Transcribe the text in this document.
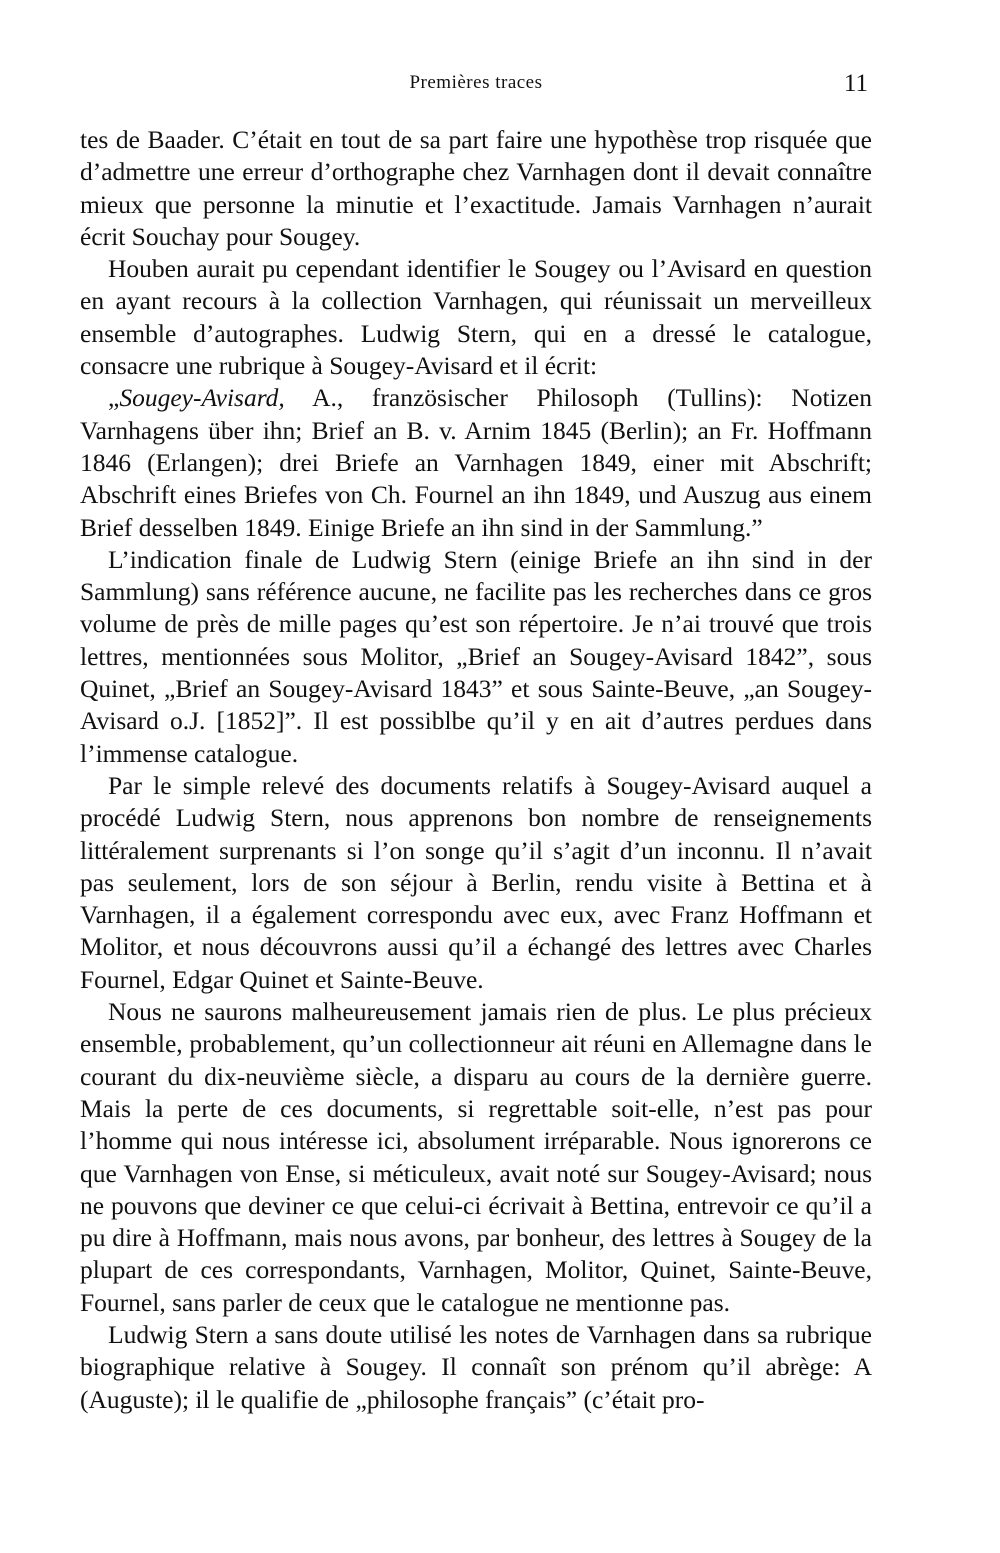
Premières traces	11

tes de Baader. C’était en tout de sa part faire une hypothèse trop risquée que d’admettre une erreur d’orthographe chez Varnhagen dont il devait connaître mieux que personne la minutie et l’exactitude. Jamais Varnhagen n’aurait écrit Souchay pour Sougey.

Houben aurait pu cependant identifier le Sougey ou l’Avisard en question en ayant recours à la collection Varnhagen, qui réunissait un merveilleux ensemble d’autographes. Ludwig Stern, qui en a dressé le catalogue, consacre une rubrique à Sougey-Avisard et il écrit:

„Sougey-Avisard, A., französischer Philosoph (Tullins): Notizen Varnhagens über ihn; Brief an B. v. Arnim 1845 (Berlin); an Fr. Hoffmann 1846 (Erlangen); drei Briefe an Varnhagen 1849, einer mit Abschrift; Abschrift eines Briefes von Ch. Fournel an ihn 1849, und Auszug aus einem Brief desselben 1849. Einige Briefe an ihn sind in der Sammlung.”

L’indication finale de Ludwig Stern (einige Briefe an ihn sind in der Sammlung) sans référence aucune, ne facilite pas les recherches dans ce gros volume de près de mille pages qu’est son répertoire. Je n’ai trouvé que trois lettres, mentionnées sous Molitor, „Brief an Sougey-Avisard 1842”, sous Quinet, „Brief an Sougey-Avisard 1843” et sous Sainte-Beuve, „an Sougey-Avisard o.J. [1852]”. Il est possiblbe qu’il y en ait d’autres perdues dans l’immense catalogue.

Par le simple relevé des documents relatifs à Sougey-Avisard auquel a procédé Ludwig Stern, nous apprenons bon nombre de renseignements littéralement surprenants si l’on songe qu’il s’agit d’un inconnu. Il n’avait pas seulement, lors de son séjour à Berlin, rendu visite à Bettina et à Varnhagen, il a également correspondu avec eux, avec Franz Hoffmann et Molitor, et nous découvrons aussi qu’il a échangé des lettres avec Charles Fournel, Edgar Quinet et Sainte-Beuve.

Nous ne saurons malheureusement jamais rien de plus. Le plus précieux ensemble, probablement, qu’un collectionneur ait réuni en Allemagne dans le courant du dix-neuvième siècle, a disparu au cours de la dernière guerre. Mais la perte de ces documents, si regrettable soit-elle, n’est pas pour l’homme qui nous intéresse ici, absolument irréparable. Nous ignorerons ce que Varnhagen von Ense, si méticuleux, avait noté sur Sougey-Avisard; nous ne pouvons que deviner ce que celui-ci écrivait à Bettina, entrevoir ce qu’il a pu dire à Hoffmann, mais nous avons, par bonheur, des lettres à Sougey de la plupart de ces correspondants, Varnhagen, Molitor, Quinet, Sainte-Beuve, Fournel, sans parler de ceux que le catalogue ne mentionne pas.

Ludwig Stern a sans doute utilisé les notes de Varnhagen dans sa rubrique biographique relative à Sougey. Il connaît son prénom qu’il abrège: A (Auguste); il le qualifie de „philosophe français” (c’était pro-
